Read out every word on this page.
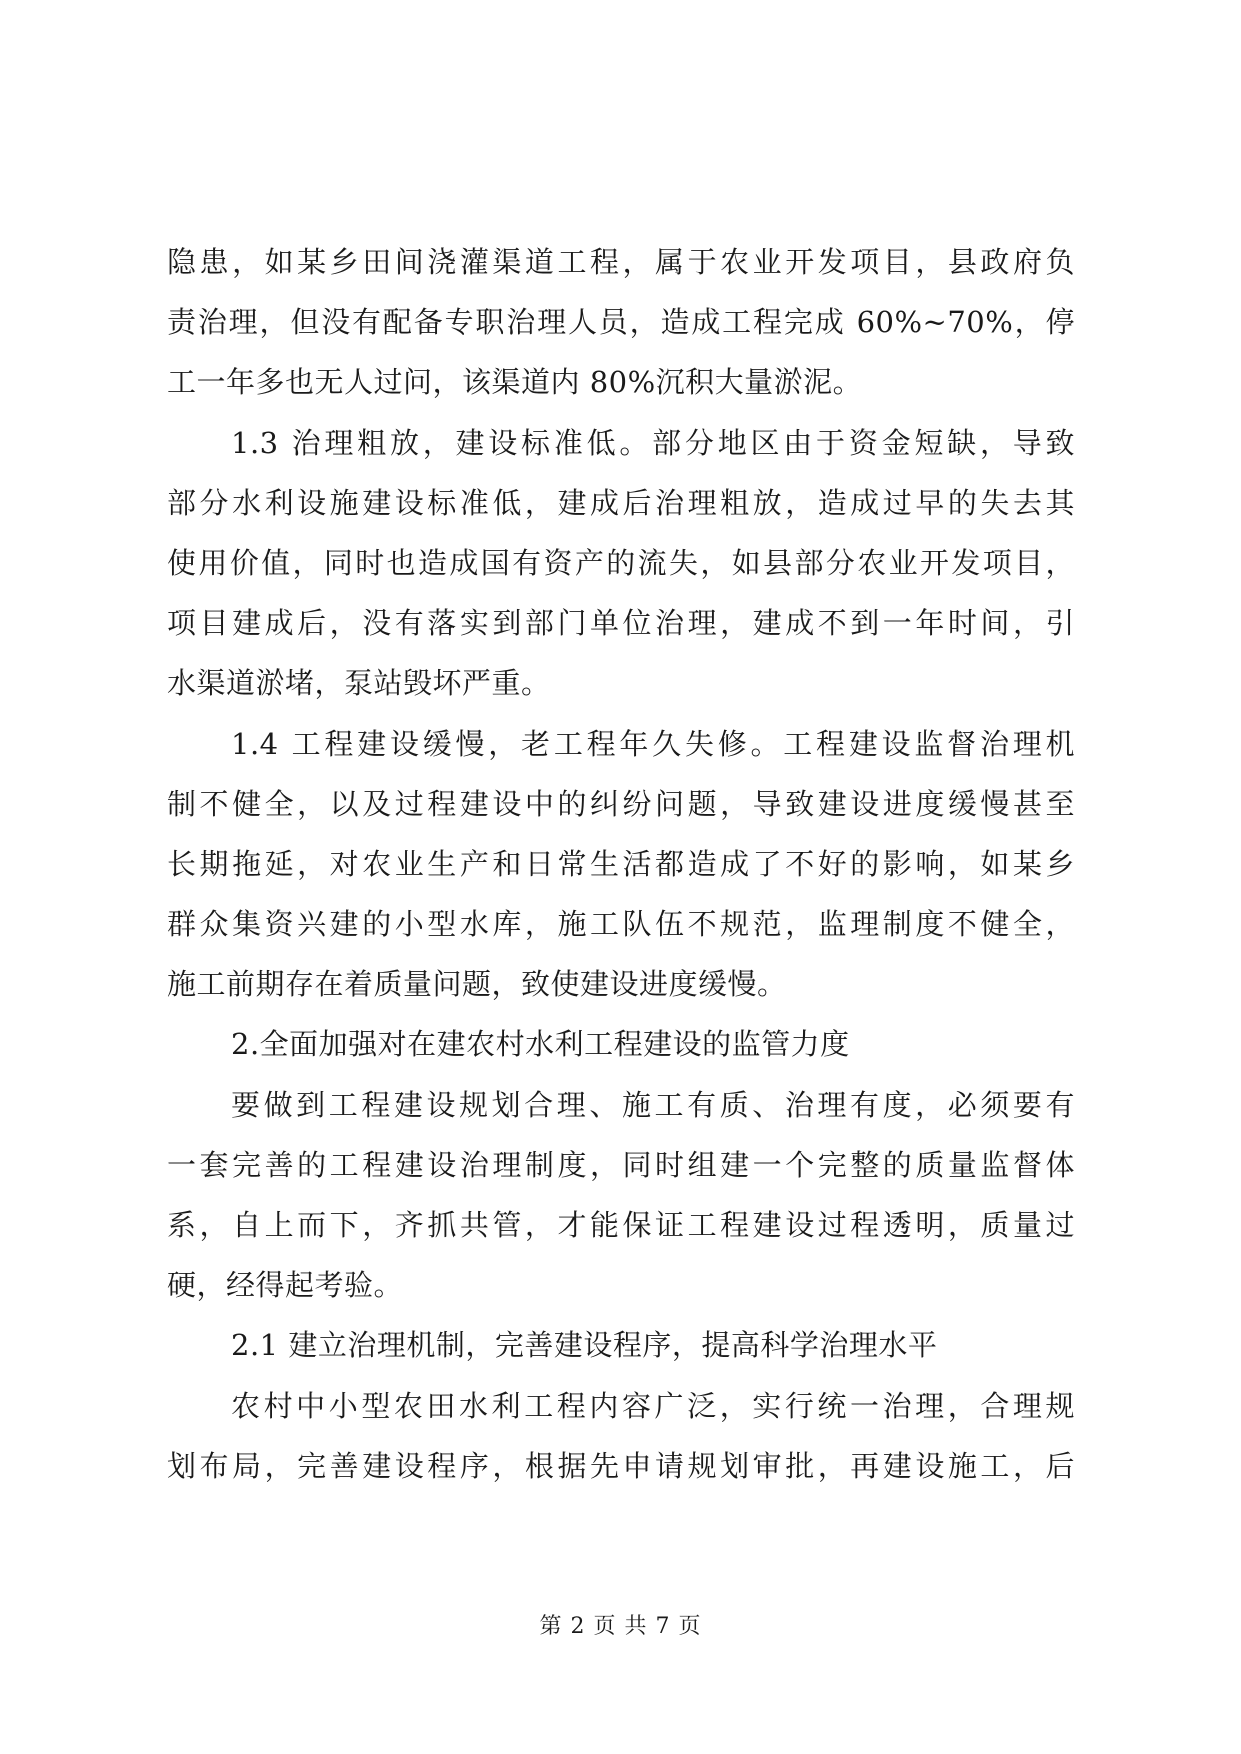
隐患，如某乡田间浇灌渠道工程，属于农业开发项目，县政府负
责治理，但没有配备专职治理人员，造成工程完成 60%~70%，停
工一年多也无人过问，该渠道内 80%沉积大量淤泥。
1.3 治理粗放，建设标准低。部分地区由于资金短缺，导致
部分水利设施建设标准低，建成后治理粗放，造成过早的失去其
使用价值，同时也造成国有资产的流失，如县部分农业开发项目，
项目建成后，没有落实到部门单位治理，建成不到一年时间，引
水渠道淤堵，泵站毁坏严重。
1.4 工程建设缓慢，老工程年久失修。工程建设监督治理机
制不健全，以及过程建设中的纠纷问题，导致建设进度缓慢甚至
长期拖延，对农业生产和日常生活都造成了不好的影响，如某乡
群众集资兴建的小型水库，施工队伍不规范，监理制度不健全，
施工前期存在着质量问题，致使建设进度缓慢。
2.全面加强对在建农村水利工程建设的监管力度
要做到工程建设规划合理、施工有质、治理有度，必须要有
一套完善的工程建设治理制度，同时组建一个完整的质量监督体
系，自上而下，齐抓共管，才能保证工程建设过程透明，质量过
硬，经得起考验。
2.1 建立治理机制，完善建设程序，提高科学治理水平
农村中小型农田水利工程内容广泛，实行统一治理，合理规
划布局，完善建设程序，根据先申请规划审批，再建设施工，后
第 2 页 共 7 页
